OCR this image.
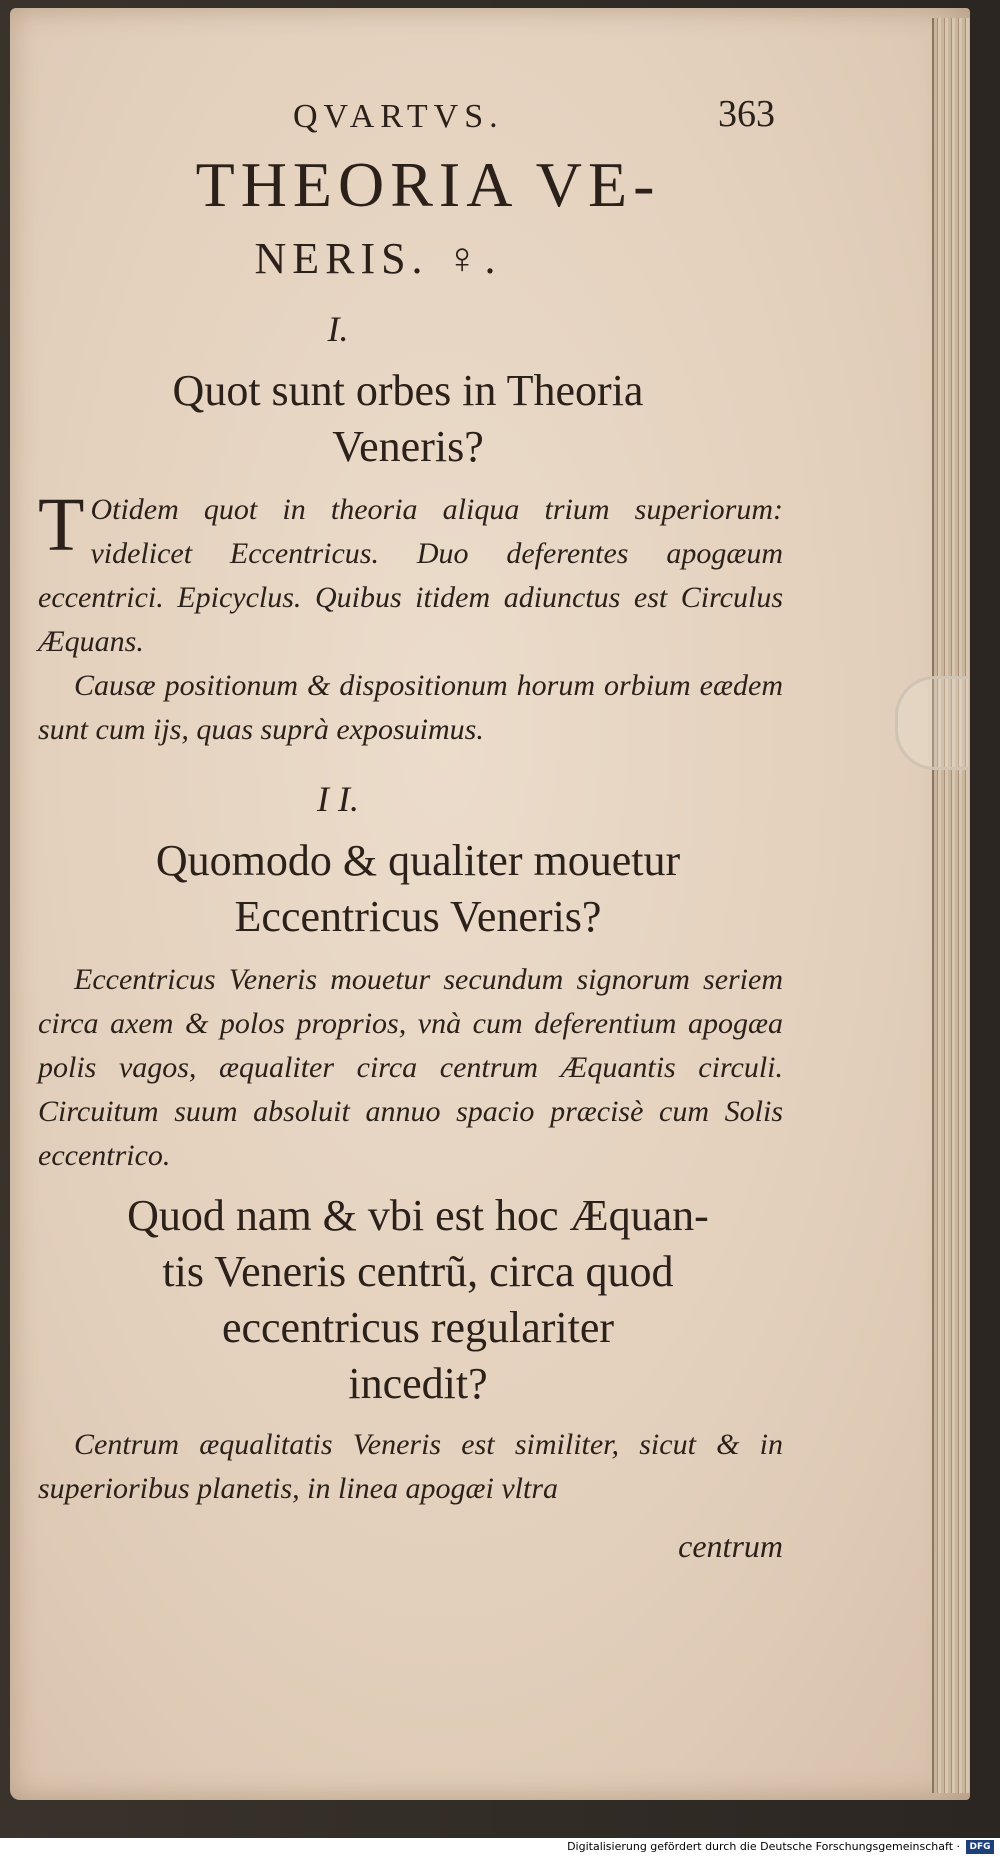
QVARTVS.	363
THEORIA VE-
NERIS. ♀.
I.
Quot sunt orbes in Theoria
Veneris?

T Otidem quot in theoria aliqua trium superiorum: videlicet Eccentricus. Duo deferentes apogæum eccentrici. Epicyclus. Quibus itidem adiunctus est Circulus Æquans.

Causæ positionum & dispositionum horum orbium eædem sunt cum ijs, quas suprà exposuimus.

I I.
Quomodo & qualiter mouetur
Eccentricus Veneris?

Eccentricus Veneris mouetur secundum signorum seriem circa axem & polos proprios, vnà cum deferentium apogæa polis vagos, æqualiter circa centrum Æquantis circuli. Circuitum suum absoluit annuo spacio præcisè cum Solis eccentrico.

Quod nam & vbi est hoc Æquan-
tis Veneris centrũ, circa quod
eccentricus regulariter
incedit?

Centrum æqualitatis Veneris est similiter, sicut & in superioribus planetis, in linea apogæi vltra

centrum
Digitalisierung gefördert durch die Deutsche Forschungsgemeinschaft ·	DFG
